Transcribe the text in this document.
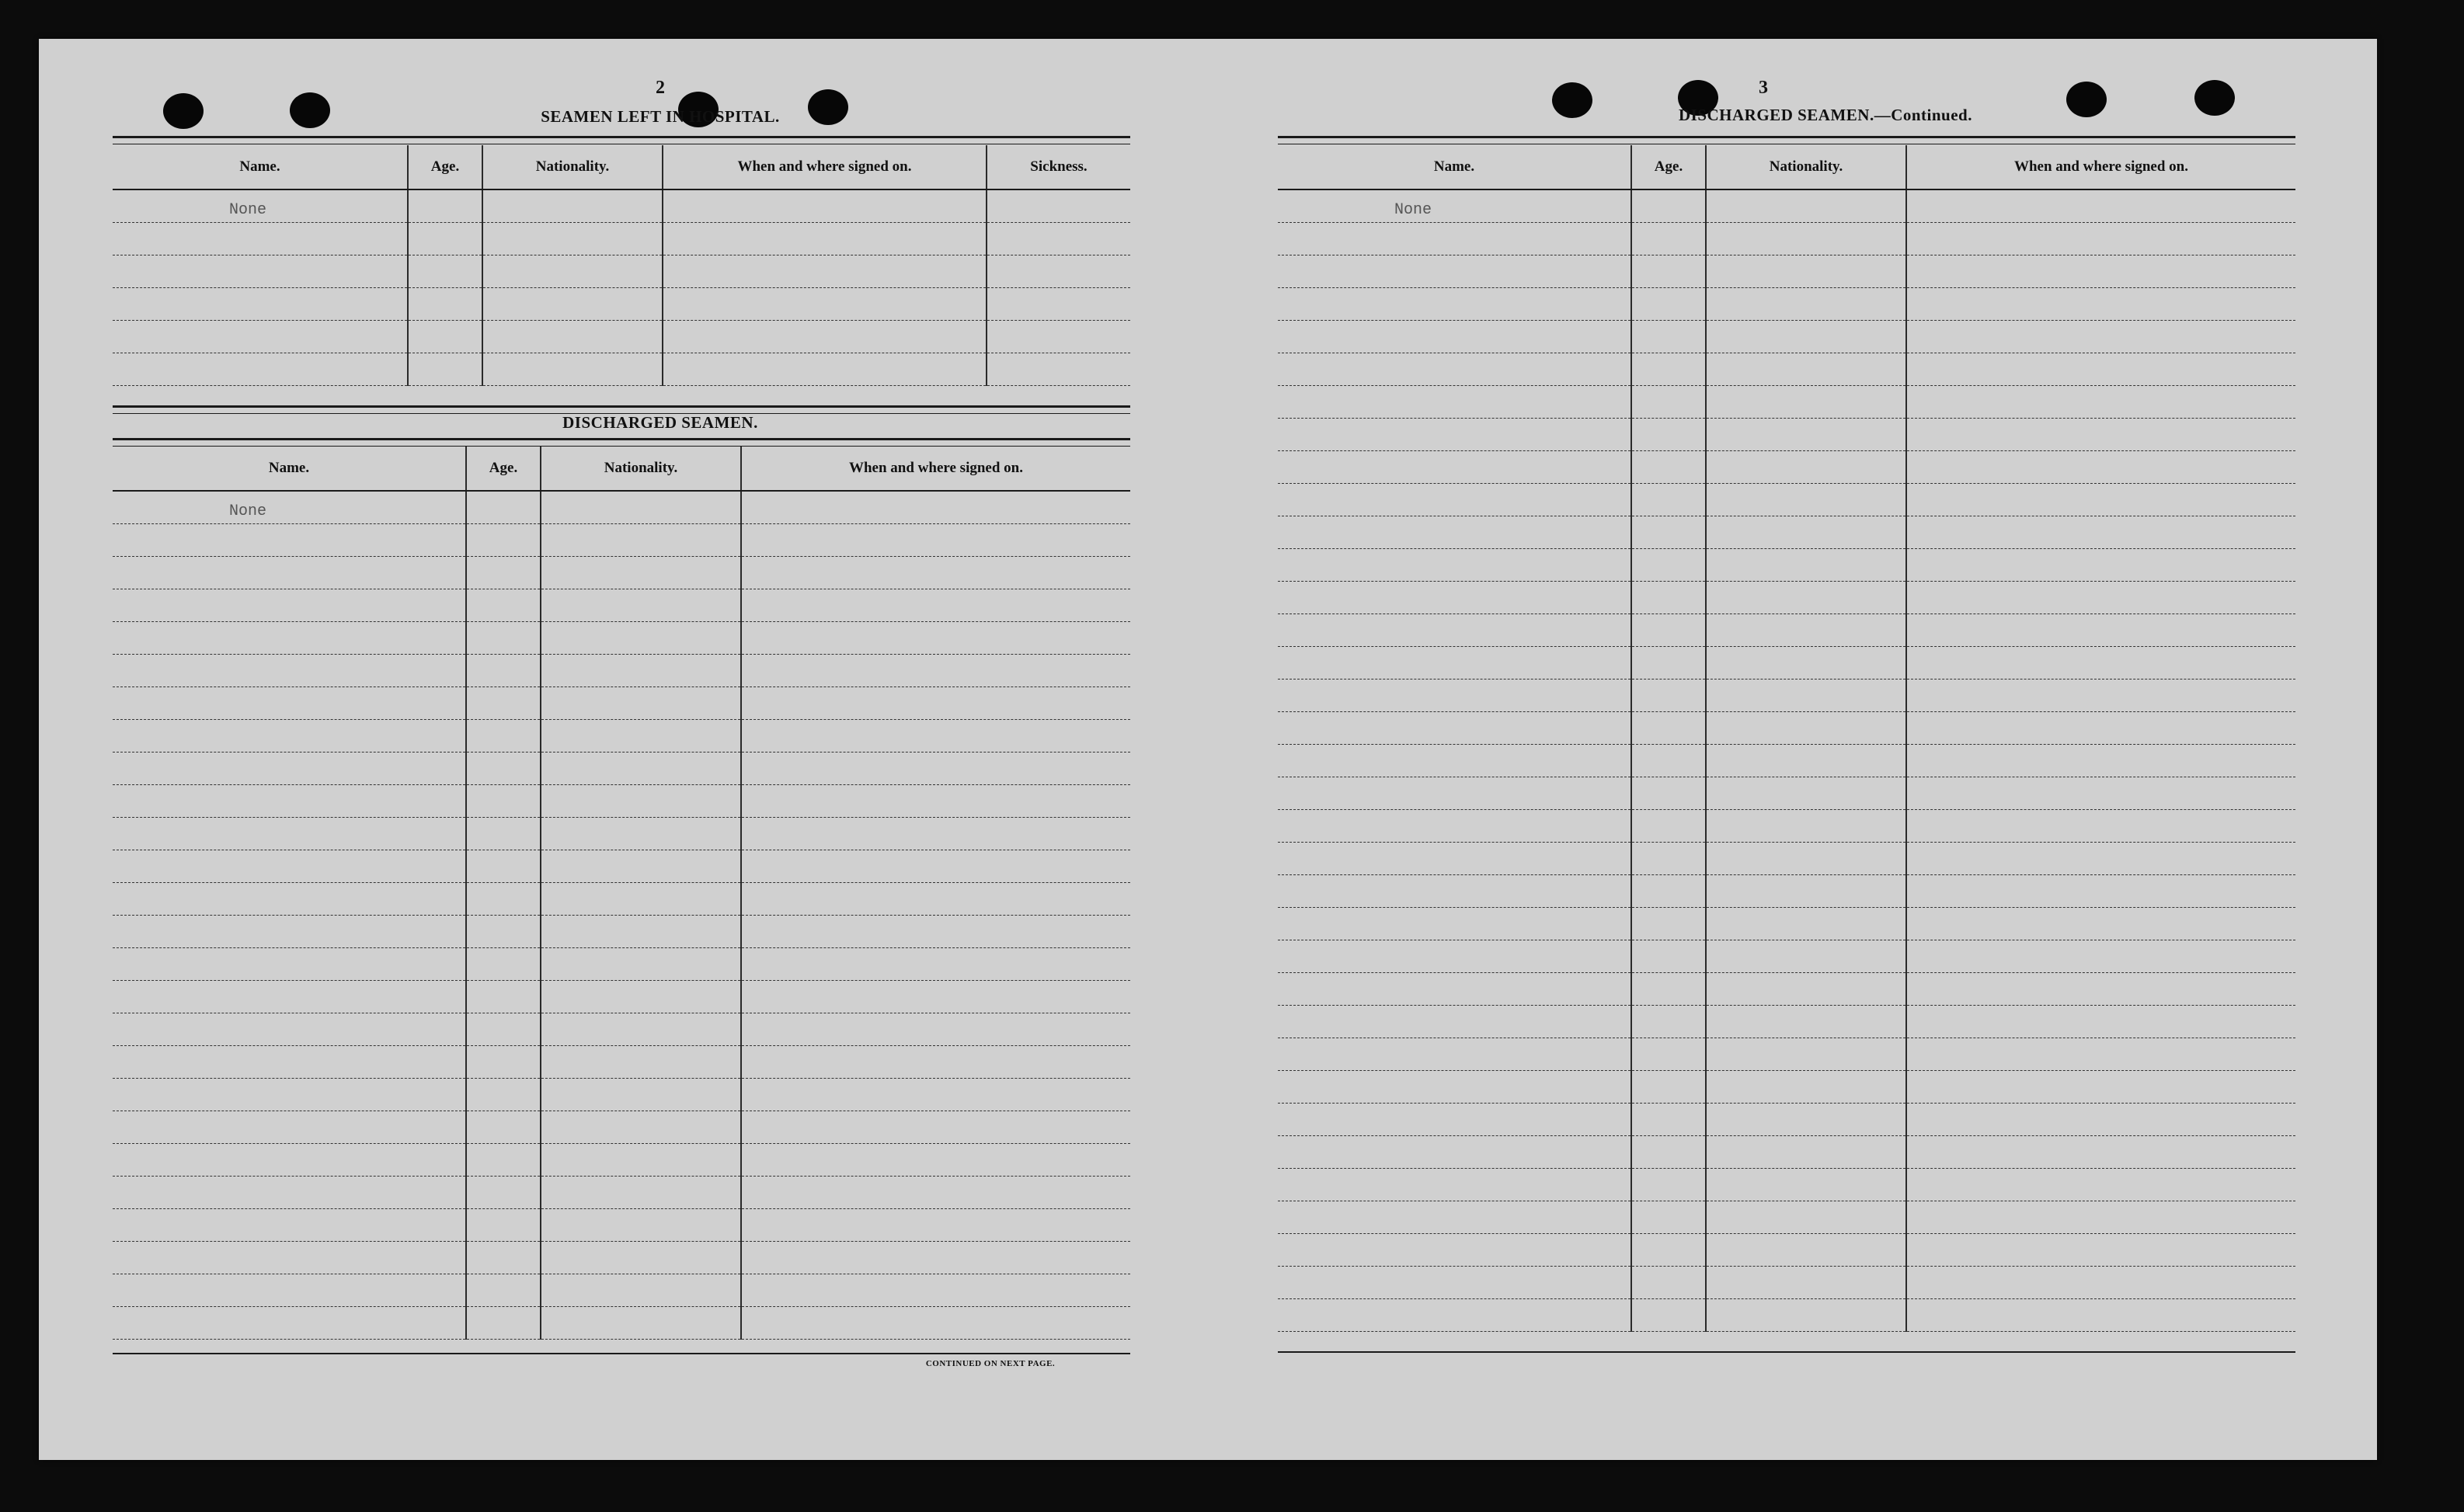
2
SEAMEN LEFT IN HOSPITAL.
Name.	Age.	Nationality.	When and where signed on.	Sickness.
None				

DISCHARGED SEAMEN.
Name.	Age.	Nationality.	When and where signed on.
None			

CONTINUED ON NEXT PAGE.
3
DISCHARGED SEAMEN.—Continued.
Name.	Age.	Nationality.	When and where signed on.
None			
